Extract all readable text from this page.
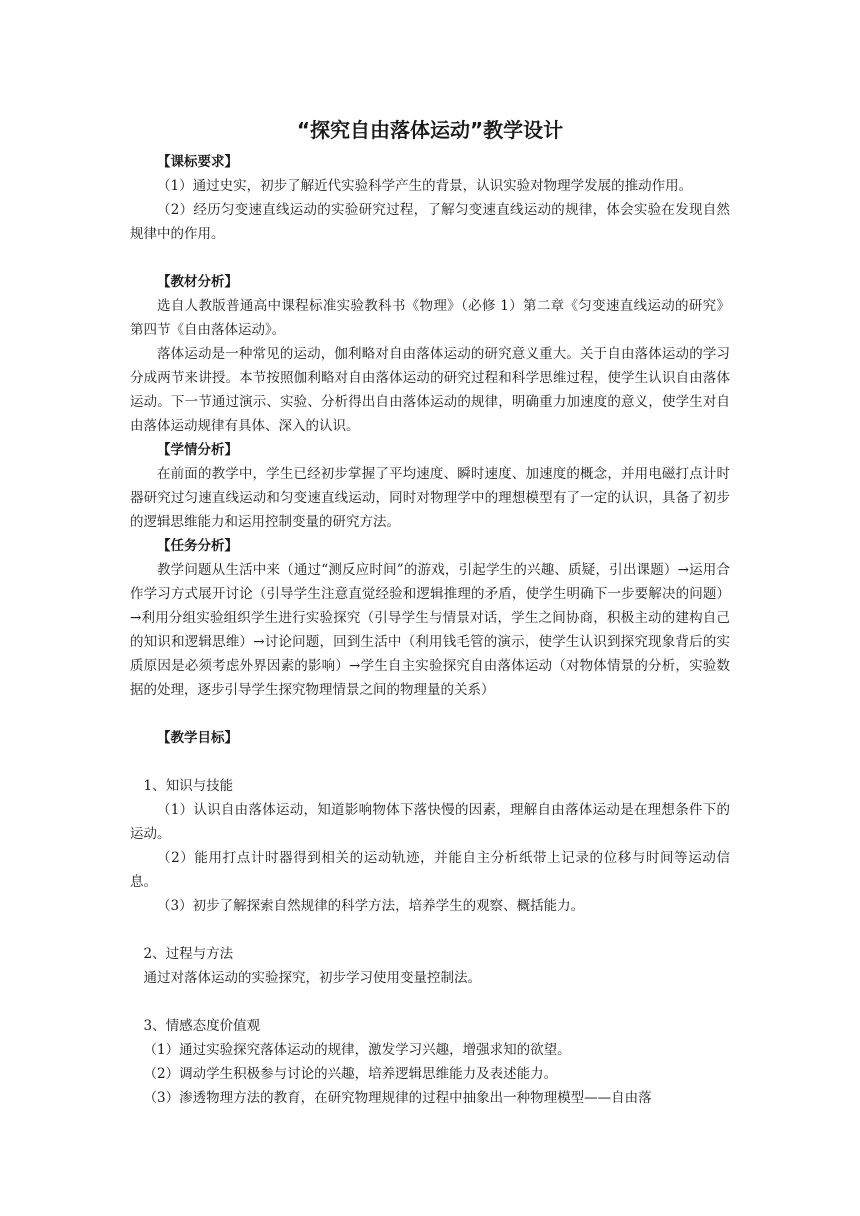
“探究自由落体运动”教学设计

【课标要求】

（1）通过史实，初步了解近代实验科学产生的背景，认识实验对物理学发展的推动作用。

（2）经历匀变速直线运动的实验研究过程，了解匀变速直线运动的规律，体会实验在发现自然规律中的作用。

【教材分析】

选自人教版普通高中课程标准实验教科书《物理》（必修 1）第二章《匀变速直线运动的研究》第四节《自由落体运动》。

落体运动是一种常见的运动，伽利略对自由落体运动的研究意义重大。关于自由落体运动的学习分成两节来讲授。本节按照伽利略对自由落体运动的研究过程和科学思维过程，使学生认识自由落体运动。下一节通过演示、实验、分析得出自由落体运动的规律，明确重力加速度的意义，使学生对自由落体运动规律有具体、深入的认识。

【学情分析】

在前面的教学中，学生已经初步掌握了平均速度、瞬时速度、加速度的概念，并用电磁打点计时器研究过匀速直线运动和匀变速直线运动，同时对物理学中的理想模型有了一定的认识，具备了初步的逻辑思维能力和运用控制变量的研究方法。

【任务分析】

教学问题从生活中来（通过“测反应时间”的游戏，引起学生的兴趣、质疑，引出课题）→运用合作学习方式展开讨论（引导学生注意直觉经验和逻辑推理的矛盾，使学生明确下一步要解决的问题）→利用分组实验组织学生进行实验探究（引导学生与情景对话，学生之间协商，积极主动的建构自己的知识和逻辑思维）→讨论问题，回到生活中（利用钱毛管的演示，使学生认识到探究现象背后的实质原因是必须考虑外界因素的影响）→学生自主实验探究自由落体运动（对物体情景的分析，实验数据的处理，逐步引导学生探究物理情景之间的物理量的关系）

【教学目标】

1、知识与技能

（1）认识自由落体运动，知道影响物体下落快慢的因素，理解自由落体运动是在理想条件下的运动。

（2）能用打点计时器得到相关的运动轨迹，并能自主分析纸带上记录的位移与时间等运动信息。

（3）初步了解探索自然规律的科学方法，培养学生的观察、概括能力。

2、过程与方法

通过对落体运动的实验探究，初步学习使用变量控制法。

3、情感态度价值观

（1）通过实验探究落体运动的规律，激发学习兴趣，增强求知的欲望。

（2）调动学生积极参与讨论的兴趣，培养逻辑思维能力及表述能力。

（3）渗透物理方法的教育，在研究物理规律的过程中抽象出一种物理模型——自由落
